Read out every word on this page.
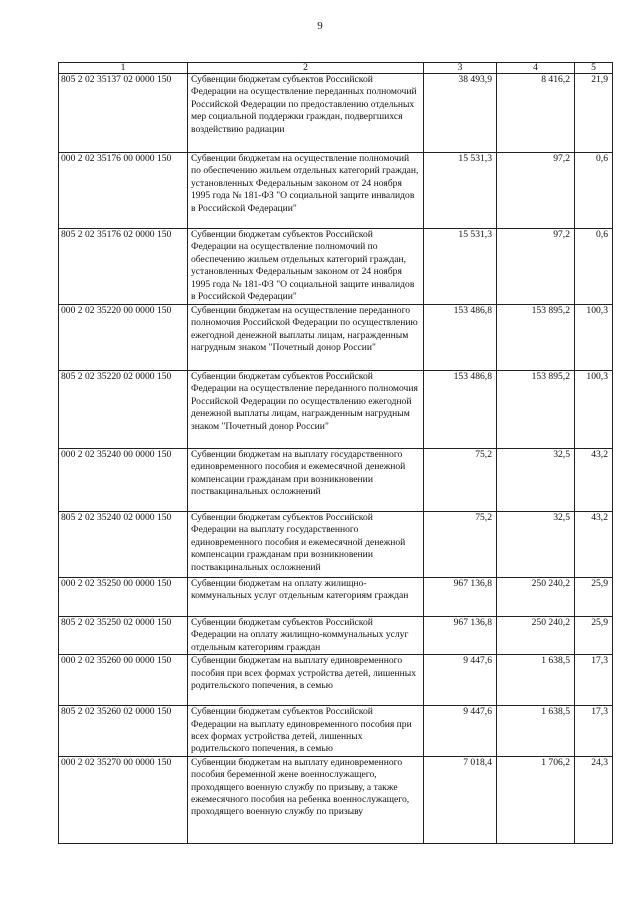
9
1	2	3	4	5
805 2 02 35137 02 0000 150	Субвенции бюджетам субъектов Российской Федерации на осуществление переданных полномочий Российской Федерации по предоставлению отдельных мер социальной поддержки граждан, подвергшихся воздействию радиации	38 493,9	8 416,2	21,9
000 2 02 35176 00 0000 150	Субвенции бюджетам на осуществление полномочий по обеспечению жильем отдельных категорий граждан, установленных Федеральным законом от 24 ноября 1995 года № 181-ФЗ "О социальной защите инвалидов в Российской Федерации"	15 531,3	97,2	0,6
805 2 02 35176 02 0000 150	Субвенции бюджетам субъектов Российской Федерации на осуществление полномочий по обеспечению жильем отдельных категорий граждан, установленных Федеральным законом от 24 ноября 1995 года № 181-ФЗ "О социальной защите инвалидов в Российской Федерации"	15 531,3	97,2	0,6
000 2 02 35220 00 0000 150	Субвенции бюджетам на осуществление переданного полномочия Российской Федерации по осуществлению ежегодной денежной выплаты лицам, награжденным нагрудным знаком "Почетный донор России"	153 486,8	153 895,2	100,3
805 2 02 35220 02 0000 150	Субвенции бюджетам субъектов Российской Федерации на осуществление переданного полномочия Российской Федерации по осуществлению ежегодной денежной выплаты лицам, награжденным нагрудным знаком "Почетный донор России"	153 486,8	153 895,2	100,3
000 2 02 35240 00 0000 150	Субвенции бюджетам на выплату государственного единовременного пособия и ежемесячной денежной компенсации гражданам при возникновении поствакцинальных осложнений	75,2	32,5	43,2
805 2 02 35240 02 0000 150	Субвенции бюджетам субъектов Российской Федерации на выплату государственного единовременного пособия и ежемесячной денежной компенсации гражданам при возникновении поствакцинальных осложнений	75,2	32,5	43,2
000 2 02 35250 00 0000 150	Субвенции бюджетам на оплату жилищно-коммунальных услуг отдельным категориям граждан	967 136,8	250 240,2	25,9
805 2 02 35250 02 0000 150	Субвенции бюджетам субъектов Российской Федерации на оплату жилищно-коммунальных услуг отдельным категориям граждан	967 136,8	250 240,2	25,9
000 2 02 35260 00 0000 150	Субвенции бюджетам на выплату единовременного пособия при всех формах устройства детей, лишенных родительского попечения, в семью	9 447,6	1 638,5	17,3
805 2 02 35260 02 0000 150	Субвенции бюджетам субъектов Российской Федерации на выплату единовременного пособия при всех формах устройства детей, лишенных родительского попечения, в семью	9 447,6	1 638,5	17,3
000 2 02 35270 00 0000 150	Субвенции бюджетам на выплату единовременного пособия беременной жене военнослужащего, проходящего военную службу по призыву, а также ежемесячного пособия на ребенка военнослужащего, проходящего военную службу по призыву	7 018,4	1 706,2	24,3
